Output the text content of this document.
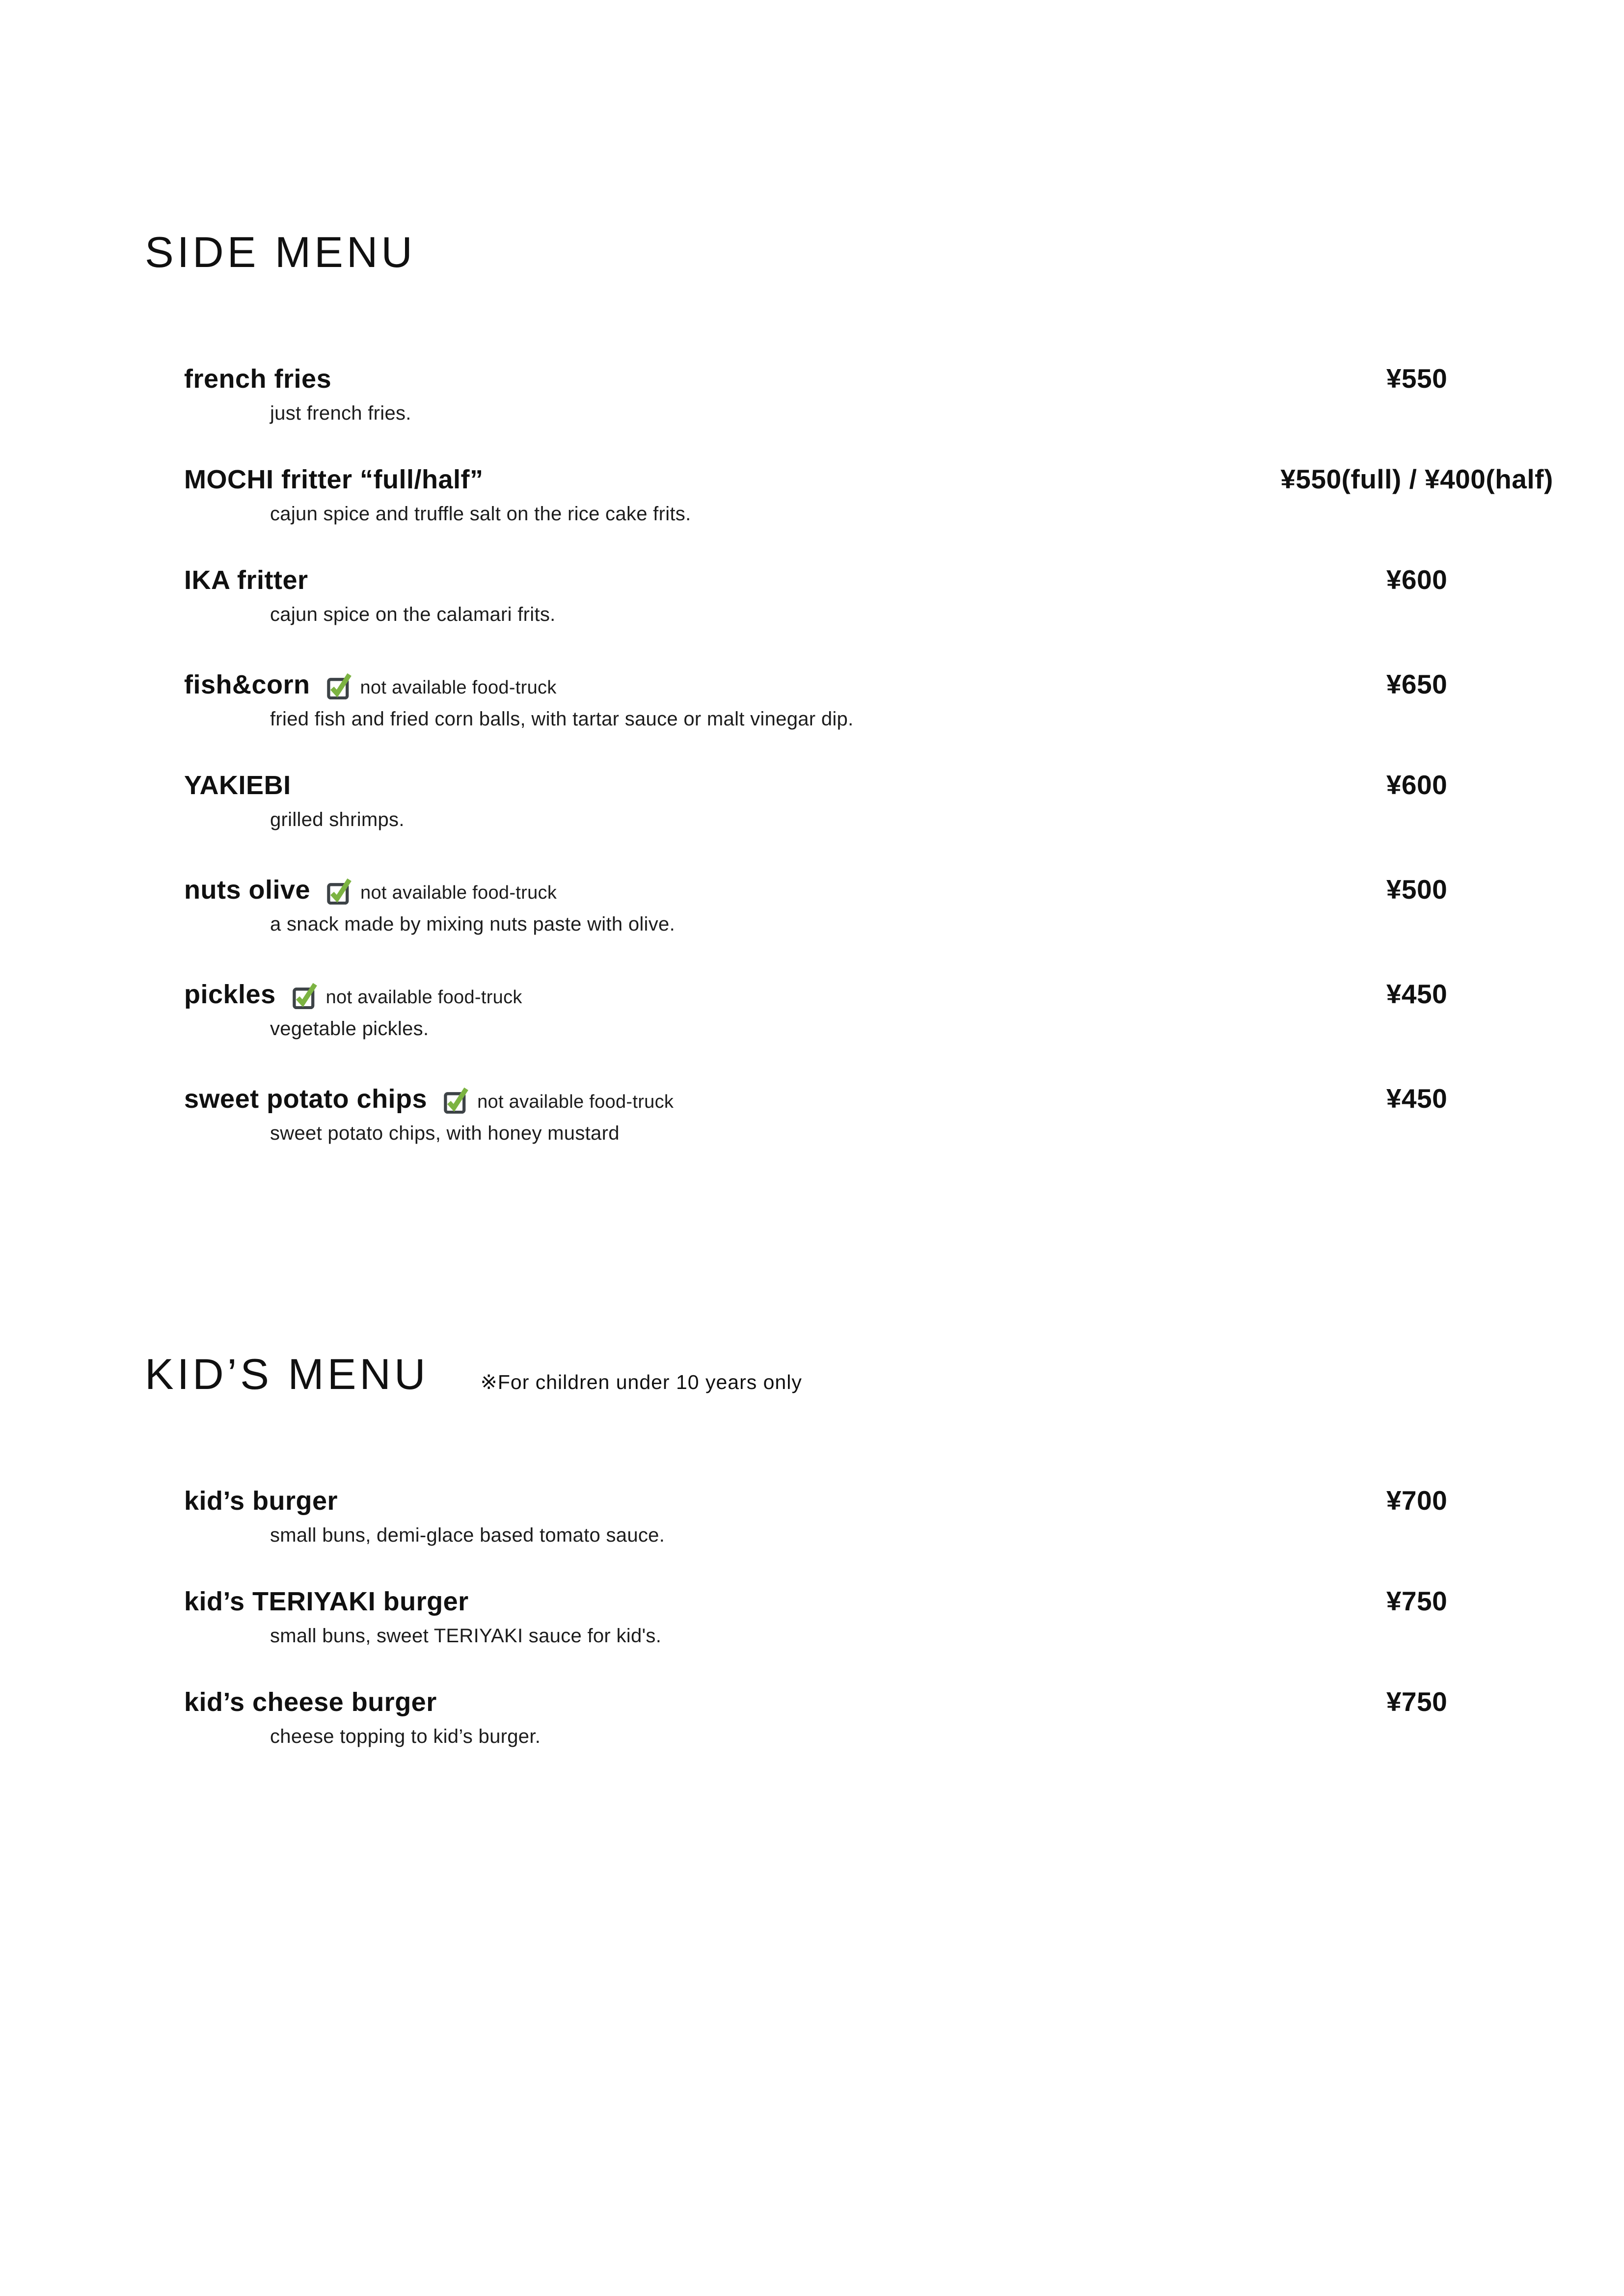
SIDE MENU
french fries	¥550
just french fries.
MOCHI fritter “full/half”	¥550(full) / ¥400(half)
cajun spice and truffle salt on the rice cake frits.
IKA fritter	¥600
cajun spice on the calamari frits.
fish&corn	not available food-truck	¥650
fried fish and fried corn balls, with tartar sauce or malt vinegar dip.
YAKIEBI	¥600
grilled shrimps.
nuts olive	not available food-truck	¥500
a snack made by mixing nuts paste with olive.
pickles	not available food-truck	¥450
vegetable pickles.
sweet potato chips	not available food-truck	¥450
sweet potato chips, with honey mustard
KID’S MENU	※For children under 10 years only
kid’s burger	¥700
small buns, demi-glace based tomato sauce.
kid’s TERIYAKI burger	¥750
small buns, sweet TERIYAKI sauce for kid's.
kid’s cheese burger	¥750
cheese topping to kid’s burger.
